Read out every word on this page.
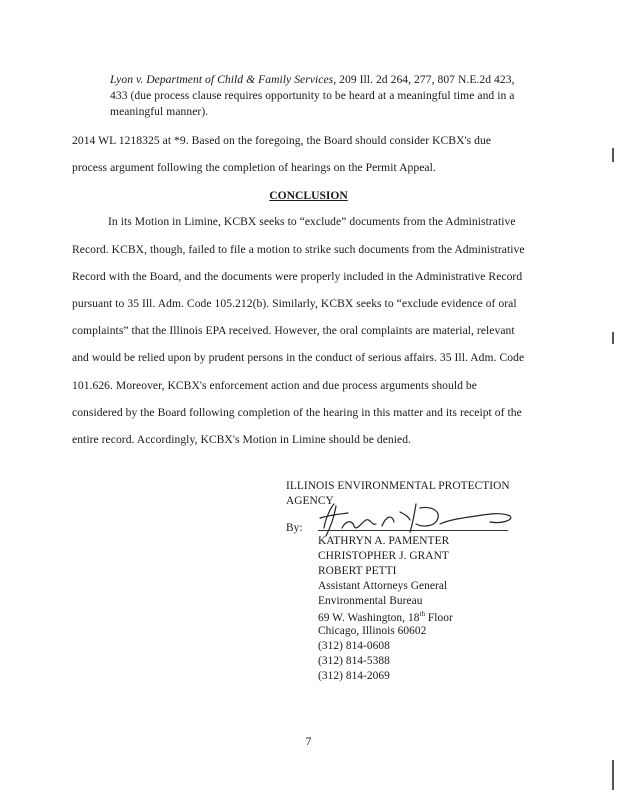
Lyon v. Department of Child & Family Services, 209 Ill. 2d 264, 277, 807 N.E.2d 423,
433 (due process clause requires opportunity to be heard at a meaningful time and in a
meaningful manner).
2014 WL 1218325 at *9. Based on the foregoing, the Board should consider KCBX's due
process argument following the completion of hearings on the Permit Appeal.
CONCLUSION
In its Motion in Limine, KCBX seeks to “exclude” documents from the Administrative
Record. KCBX, though, failed to file a motion to strike such documents from the Administrative
Record with the Board, and the documents were properly included in the Administrative Record
pursuant to 35 Ill. Adm. Code 105.212(b). Similarly, KCBX seeks to “exclude evidence of oral
complaints” that the Illinois EPA received. However, the oral complaints are material, relevant
and would be relied upon by prudent persons in the conduct of serious affairs. 35 Ill. Adm. Code
101.626. Moreover, KCBX's enforcement action and due process arguments should be
considered by the Board following completion of the hearing in this matter and its receipt of the
entire record. Accordingly, KCBX's Motion in Limine should be denied.
ILLINOIS ENVIRONMENTAL PROTECTION
AGENCY
By:
KATHRYN A. PAMENTER
CHRISTOPHER J. GRANT
ROBERT PETTI
Assistant Attorneys General
Environmental Bureau
69 W. Washington, 18th Floor
Chicago, Illinois 60602
(312) 814-0608
(312) 814-5388
(312) 814-2069
7
